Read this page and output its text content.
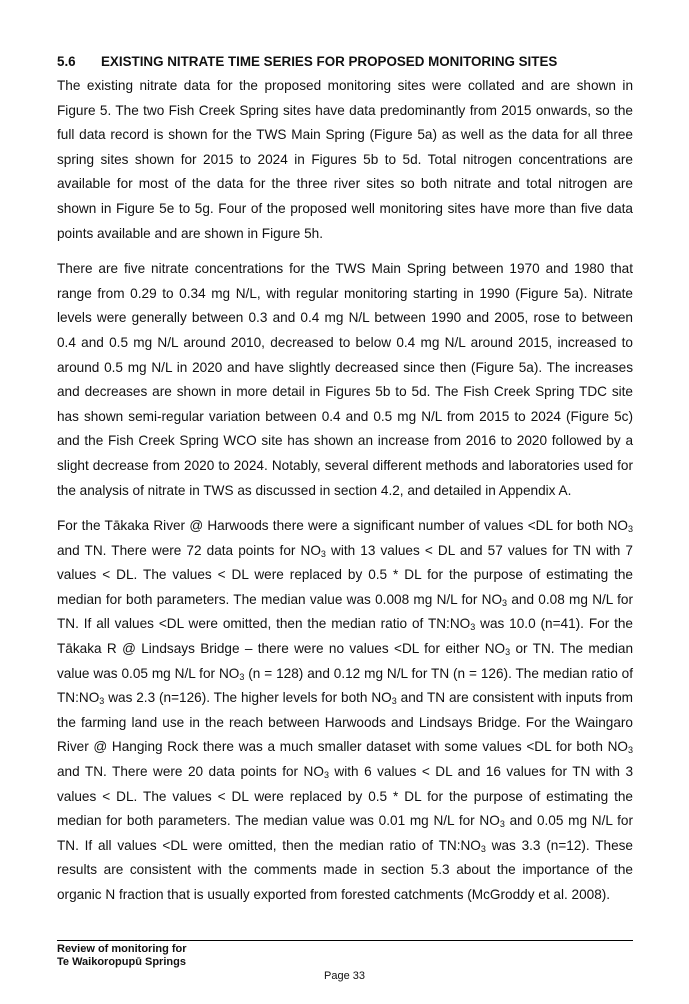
5.6 EXISTING NITRATE TIME SERIES FOR PROPOSED MONITORING SITES

The existing nitrate data for the proposed monitoring sites were collated and are shown in Figure 5. The two Fish Creek Spring sites have data predominantly from 2015 onwards, so the full data record is shown for the TWS Main Spring (Figure 5a) as well as the data for all three spring sites shown for 2015 to 2024 in Figures 5b to 5d. Total nitrogen concentrations are available for most of the data for the three river sites so both nitrate and total nitrogen are shown in Figure 5e to 5g. Four of the proposed well monitoring sites have more than five data points available and are shown in Figure 5h.

There are five nitrate concentrations for the TWS Main Spring between 1970 and 1980 that range from 0.29 to 0.34 mg N/L, with regular monitoring starting in 1990 (Figure 5a). Nitrate levels were generally between 0.3 and 0.4 mg N/L between 1990 and 2005, rose to between 0.4 and 0.5 mg N/L around 2010, decreased to below 0.4 mg N/L around 2015, increased to around 0.5 mg N/L in 2020 and have slightly decreased since then (Figure 5a). The increases and decreases are shown in more detail in Figures 5b to 5d. The Fish Creek Spring TDC site has shown semi-regular variation between 0.4 and 0.5 mg N/L from 2015 to 2024 (Figure 5c) and the Fish Creek Spring WCO site has shown an increase from 2016 to 2020 followed by a slight decrease from 2020 to 2024. Notably, several different methods and laboratories used for the analysis of nitrate in TWS as discussed in section 4.2, and detailed in Appendix A.

For the Tākaka River @ Harwoods there were a significant number of values <DL for both $NO_3$ and TN. There were 72 data points for $NO_3$ with 13 values < DL and 57 values for TN with 7 values < DL. The values < DL were replaced by 0.5 * DL for the purpose of estimating the median for both parameters. The median value was 0.008 mg N/L for $NO_3$ and 0.08 mg N/L for TN. If all values <DL were omitted, then the median ratio of $TN:NO_3$ was 10.0 (n=41). For the Tākaka R @ Lindsays Bridge – there were no values <DL for either $NO_3$ or TN. The median value was 0.05 mg N/L for $NO_3$ (n = 128) and 0.12 mg N/L for TN (n = 126). The median ratio of $TN:NO_3$ was 2.3 (n=126). The higher levels for both $NO_3$ and TN are consistent with inputs from the farming land use in the reach between Harwoods and Lindsays Bridge. For the Waingaro River @ Hanging Rock there was a much smaller dataset with some values <DL for both $NO_3$ and TN. There were 20 data points for $NO_3$ with 6 values < DL and 16 values for TN with 3 values < DL. The values < DL were replaced by 0.5 * DL for the purpose of estimating the median for both parameters. The median value was 0.01 mg N/L for $NO_3$ and 0.05 mg N/L for TN. If all values <DL were omitted, then the median ratio of $TN:NO_3$ was 3.3 (n=12). These results are consistent with the comments made in section 5.3 about the importance of the organic N fraction that is usually exported from forested catchments (McGroddy et al. 2008).

Review of monitoring for
Te Waikoropupū Springs
Page 33
